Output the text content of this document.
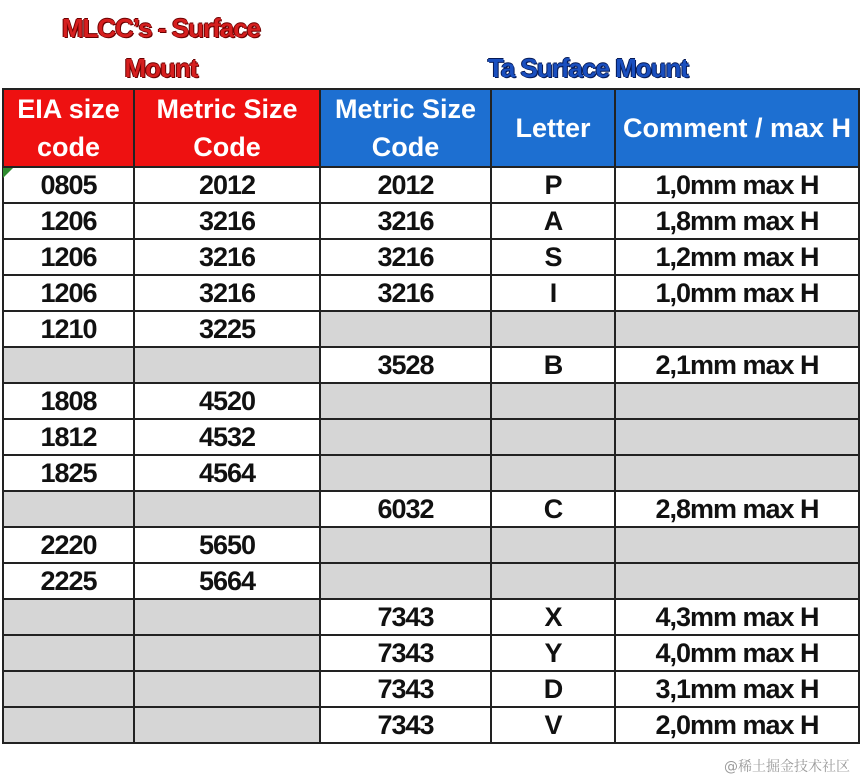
MLCC’s - Surface
Mount	Ta Surface Mount
EIA size code	Metric Size Code	Metric Size Code	Letter	Comment / max H
0805	2012	2012	P	1,0mm max H
1206	3216	3216	A	1,8mm max H
1206	3216	3216	S	1,2mm max H
1206	3216	3216	I	1,0mm max H
1210	3225			
		3528	B	2,1mm max H
1808	4520			
1812	4532			
1825	4564			
		6032	C	2,8mm max H
2220	5650			
2225	5664			
		7343	X	4,3mm max H
		7343	Y	4,0mm max H
		7343	D	3,1mm max H
		7343	V	2,0mm max H
@稀土掘金技术社区
